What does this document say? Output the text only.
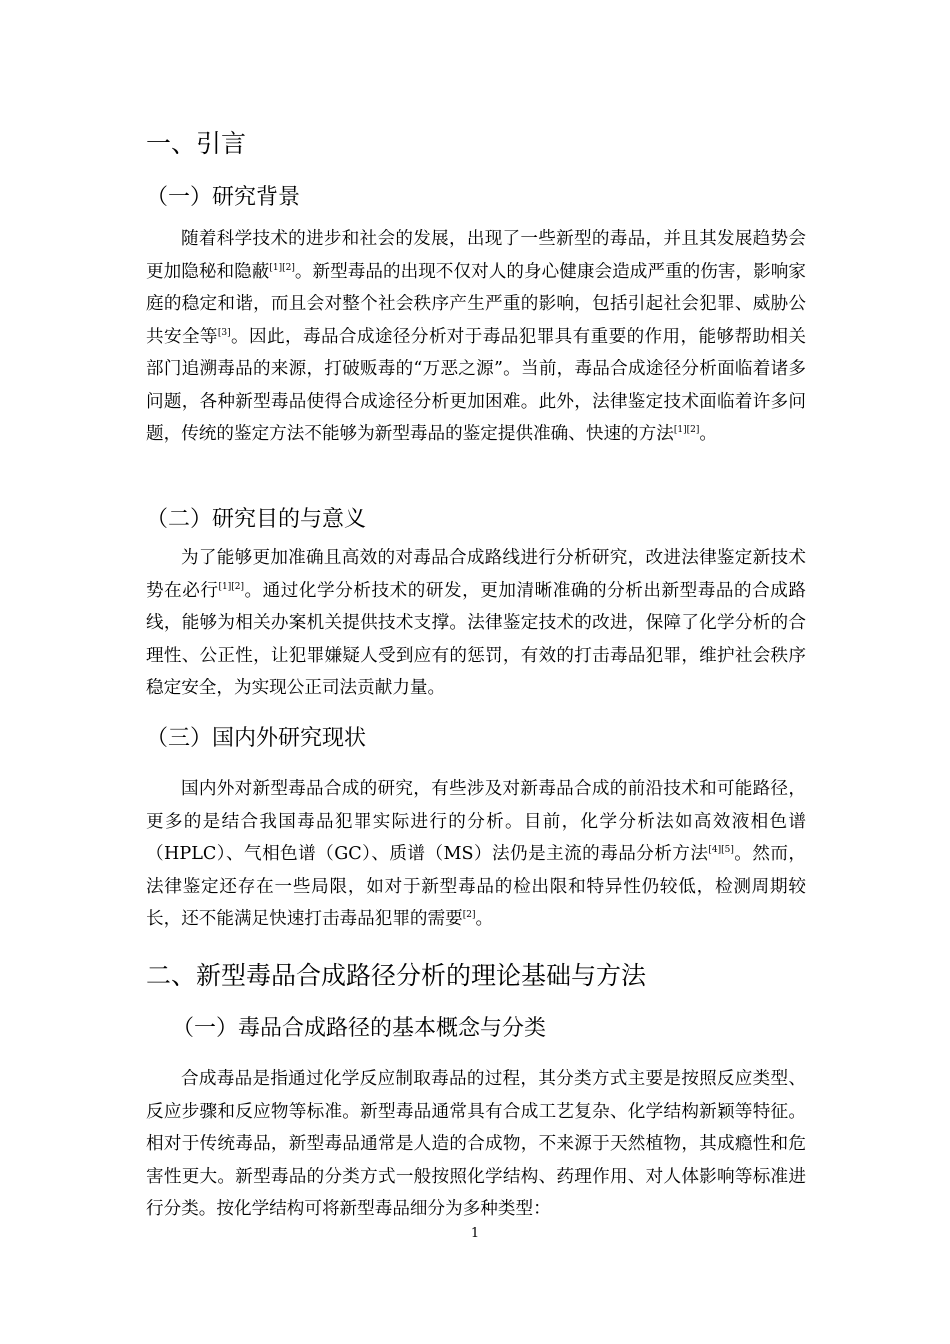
一、引言
（一）研究背景

随着科学技术的进步和社会的发展，出现了一些新型的毒品，并且其发展趋势会更加隐秘和隐蔽[1][2]。新型毒品的出现不仅对人的身心健康会造成严重的伤害，影响家庭的稳定和谐，而且会对整个社会秩序产生严重的影响，包括引起社会犯罪、威胁公共安全等[3]。因此，毒品合成途径分析对于毒品犯罪具有重要的作用，能够帮助相关部门追溯毒品的来源，打破贩毒的“万恶之源”。当前，毒品合成途径分析面临着诸多问题，各种新型毒品使得合成途径分析更加困难。此外，法律鉴定技术面临着许多问题，传统的鉴定方法不能够为新型毒品的鉴定提供准确、快速的方法[1][2]。

（二）研究目的与意义

为了能够更加准确且高效的对毒品合成路线进行分析研究，改进法律鉴定新技术势在必行[1][2]。通过化学分析技术的研发，更加清晰准确的分析出新型毒品的合成路线，能够为相关办案机关提供技术支撑。法律鉴定技术的改进，保障了化学分析的合理性、公正性，让犯罪嫌疑人受到应有的惩罚，有效的打击毒品犯罪，维护社会秩序稳定安全，为实现公正司法贡献力量。

（三）国内外研究现状

国内外对新型毒品合成的研究，有些涉及对新毒品合成的前沿技术和可能路径，更多的是结合我国毒品犯罪实际进行的分析。目前，化学分析法如高效液相色谱（HPLC）、气相色谱（GC）、质谱（MS）法仍是主流的毒品分析方法[4][5]。然而，法律鉴定还存在一些局限，如对于新型毒品的检出限和特异性仍较低，检测周期较长，还不能满足快速打击毒品犯罪的需要[2]。

二、新型毒品合成路径分析的理论基础与方法
（一）毒品合成路径的基本概念与分类

合成毒品是指通过化学反应制取毒品的过程，其分类方式主要是按照反应类型、反应步骤和反应物等标准。新型毒品通常具有合成工艺复杂、化学结构新颖等特征。相对于传统毒品，新型毒品通常是人造的合成物，不来源于天然植物，其成瘾性和危害性更大。新型毒品的分类方式一般按照化学结构、药理作用、对人体影响等标准进行分类。按化学结构可将新型毒品细分为多种类型：

1
